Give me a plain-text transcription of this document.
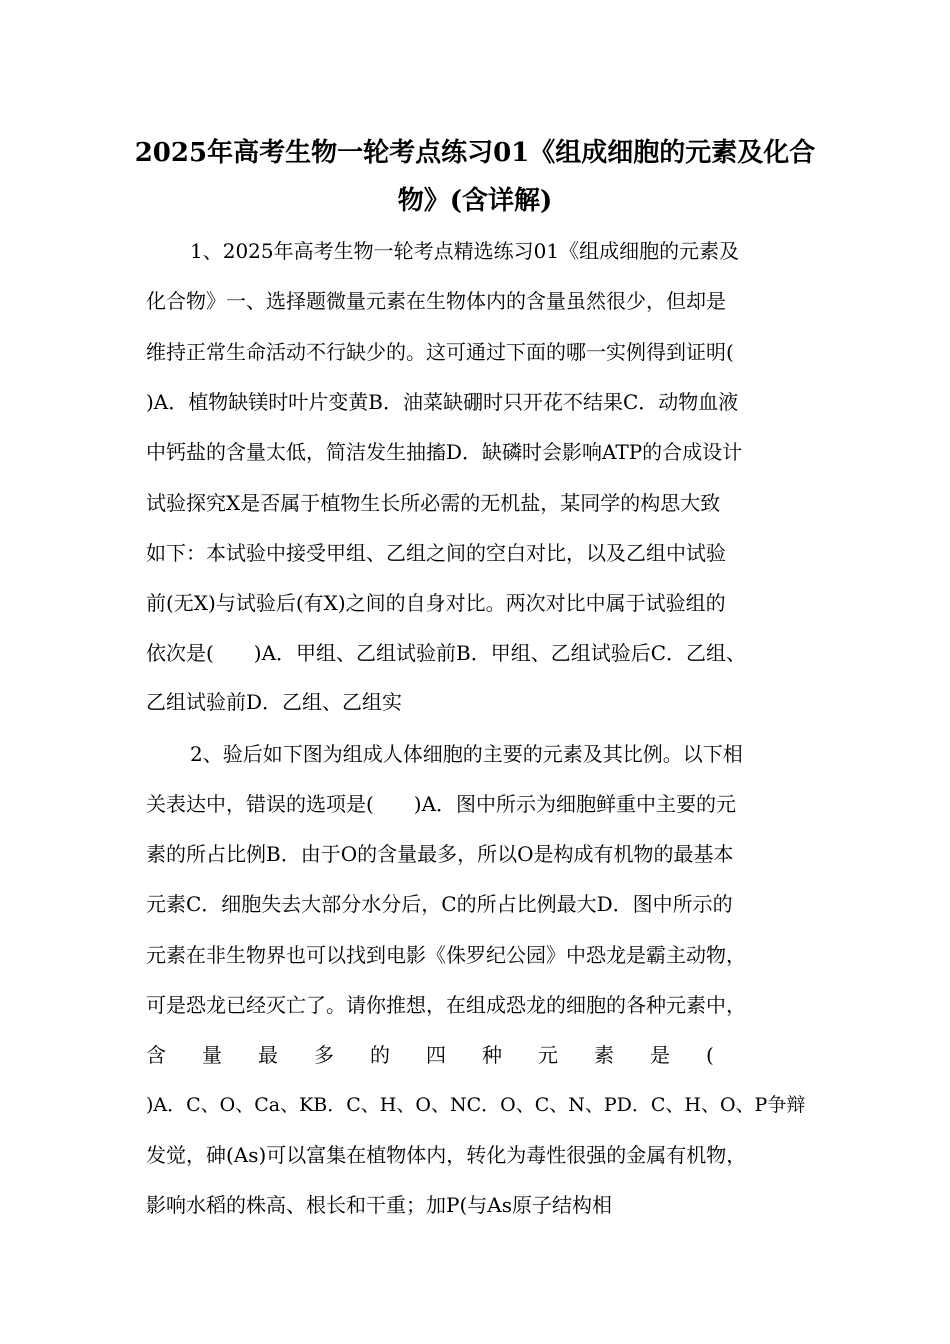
2025年高考生物一轮考点练习01《组成细胞的元素及化合
物》(含详解)
1、2025年高考生物一轮考点精选练习01《组成细胞的元素及
化合物》一、选择题微量元素在生物体内的含量虽然很少，但却是
维持正常生命活动不行缺少的。这可通过下面的哪一实例得到证明(
)A．植物缺镁时叶片变黄B．油菜缺硼时只开花不结果C．动物血液
中钙盐的含量太低，简洁发生抽搐D．缺磷时会影响ATP的合成设计
试验探究X是否属于植物生长所必需的无机盐，某同学的构思大致
如下：本试验中接受甲组、乙组之间的空白对比，以及乙组中试验
前(无X)与试验后(有X)之间的自身对比。两次对比中属于试验组的
依次是(　　)A．甲组、乙组试验前B．甲组、乙组试验后C．乙组、
乙组试验前D．乙组、乙组实
2、验后如下图为组成人体细胞的主要的元素及其比例。以下相
关表达中，错误的选项是(　　)A．图中所示为细胞鲜重中主要的元
素的所占比例B．由于O的含量最多，所以O是构成有机物的最基本
元素C．细胞失去大部分水分后，C的所占比例最大D．图中所示的
元素在非生物界也可以找到电影《侏罗纪公园》中恐龙是霸主动物，
可是恐龙已经灭亡了。请你推想，在组成恐龙的细胞的各种元素中，
含量最多的四种元素是(
)A．C、O、Ca、KB．C、H、O、NC．O、C、N、PD．C、H、O、P争辩
发觉，砷(As)可以富集在植物体内，转化为毒性很强的金属有机物，
影响水稻的株高、根长和干重；加P(与As原子结构相
